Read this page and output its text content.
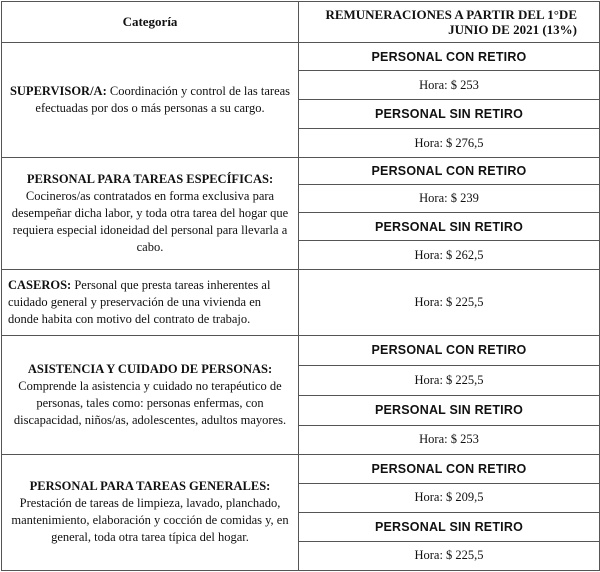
Categoría	REMUNERACIONES A PARTIR DEL 1°DE
JUNIO DE 2021 (13%)
SUPERVISOR/A: Coordinación y control de las tareas efectuadas por dos o más personas a su cargo.	PERSONAL CON RETIRO
	Hora: $ 253
	PERSONAL SIN RETIRO
	Hora: $ 276,5
PERSONAL PARA TAREAS ESPECÍFICAS:
Cocineros/as contratados en forma exclusiva para desempeñar dicha labor, y toda otra tarea del hogar que requiera especial idoneidad del personal para llevarla a cabo.	PERSONAL CON RETIRO
	Hora: $ 239
	PERSONAL SIN RETIRO
	Hora: $ 262,5
CASEROS: Personal que presta tareas inherentes al cuidado general y preservación de una vivienda en donde habita con motivo del contrato de trabajo.	Hora: $ 225,5
ASISTENCIA Y CUIDADO DE PERSONAS:
Comprende la asistencia y cuidado no terapéutico de personas, tales como: personas enfermas, con discapacidad, niños/as, adolescentes, adultos mayores.	PERSONAL CON RETIRO
	Hora: $ 225,5
	PERSONAL SIN RETIRO
	Hora: $ 253
PERSONAL PARA TAREAS GENERALES:
Prestación de tareas de limpieza, lavado, planchado, mantenimiento, elaboración y cocción de comidas y, en general, toda otra tarea típica del hogar.	PERSONAL CON RETIRO
	Hora: $ 209,5
	PERSONAL SIN RETIRO
	Hora: $ 225,5
